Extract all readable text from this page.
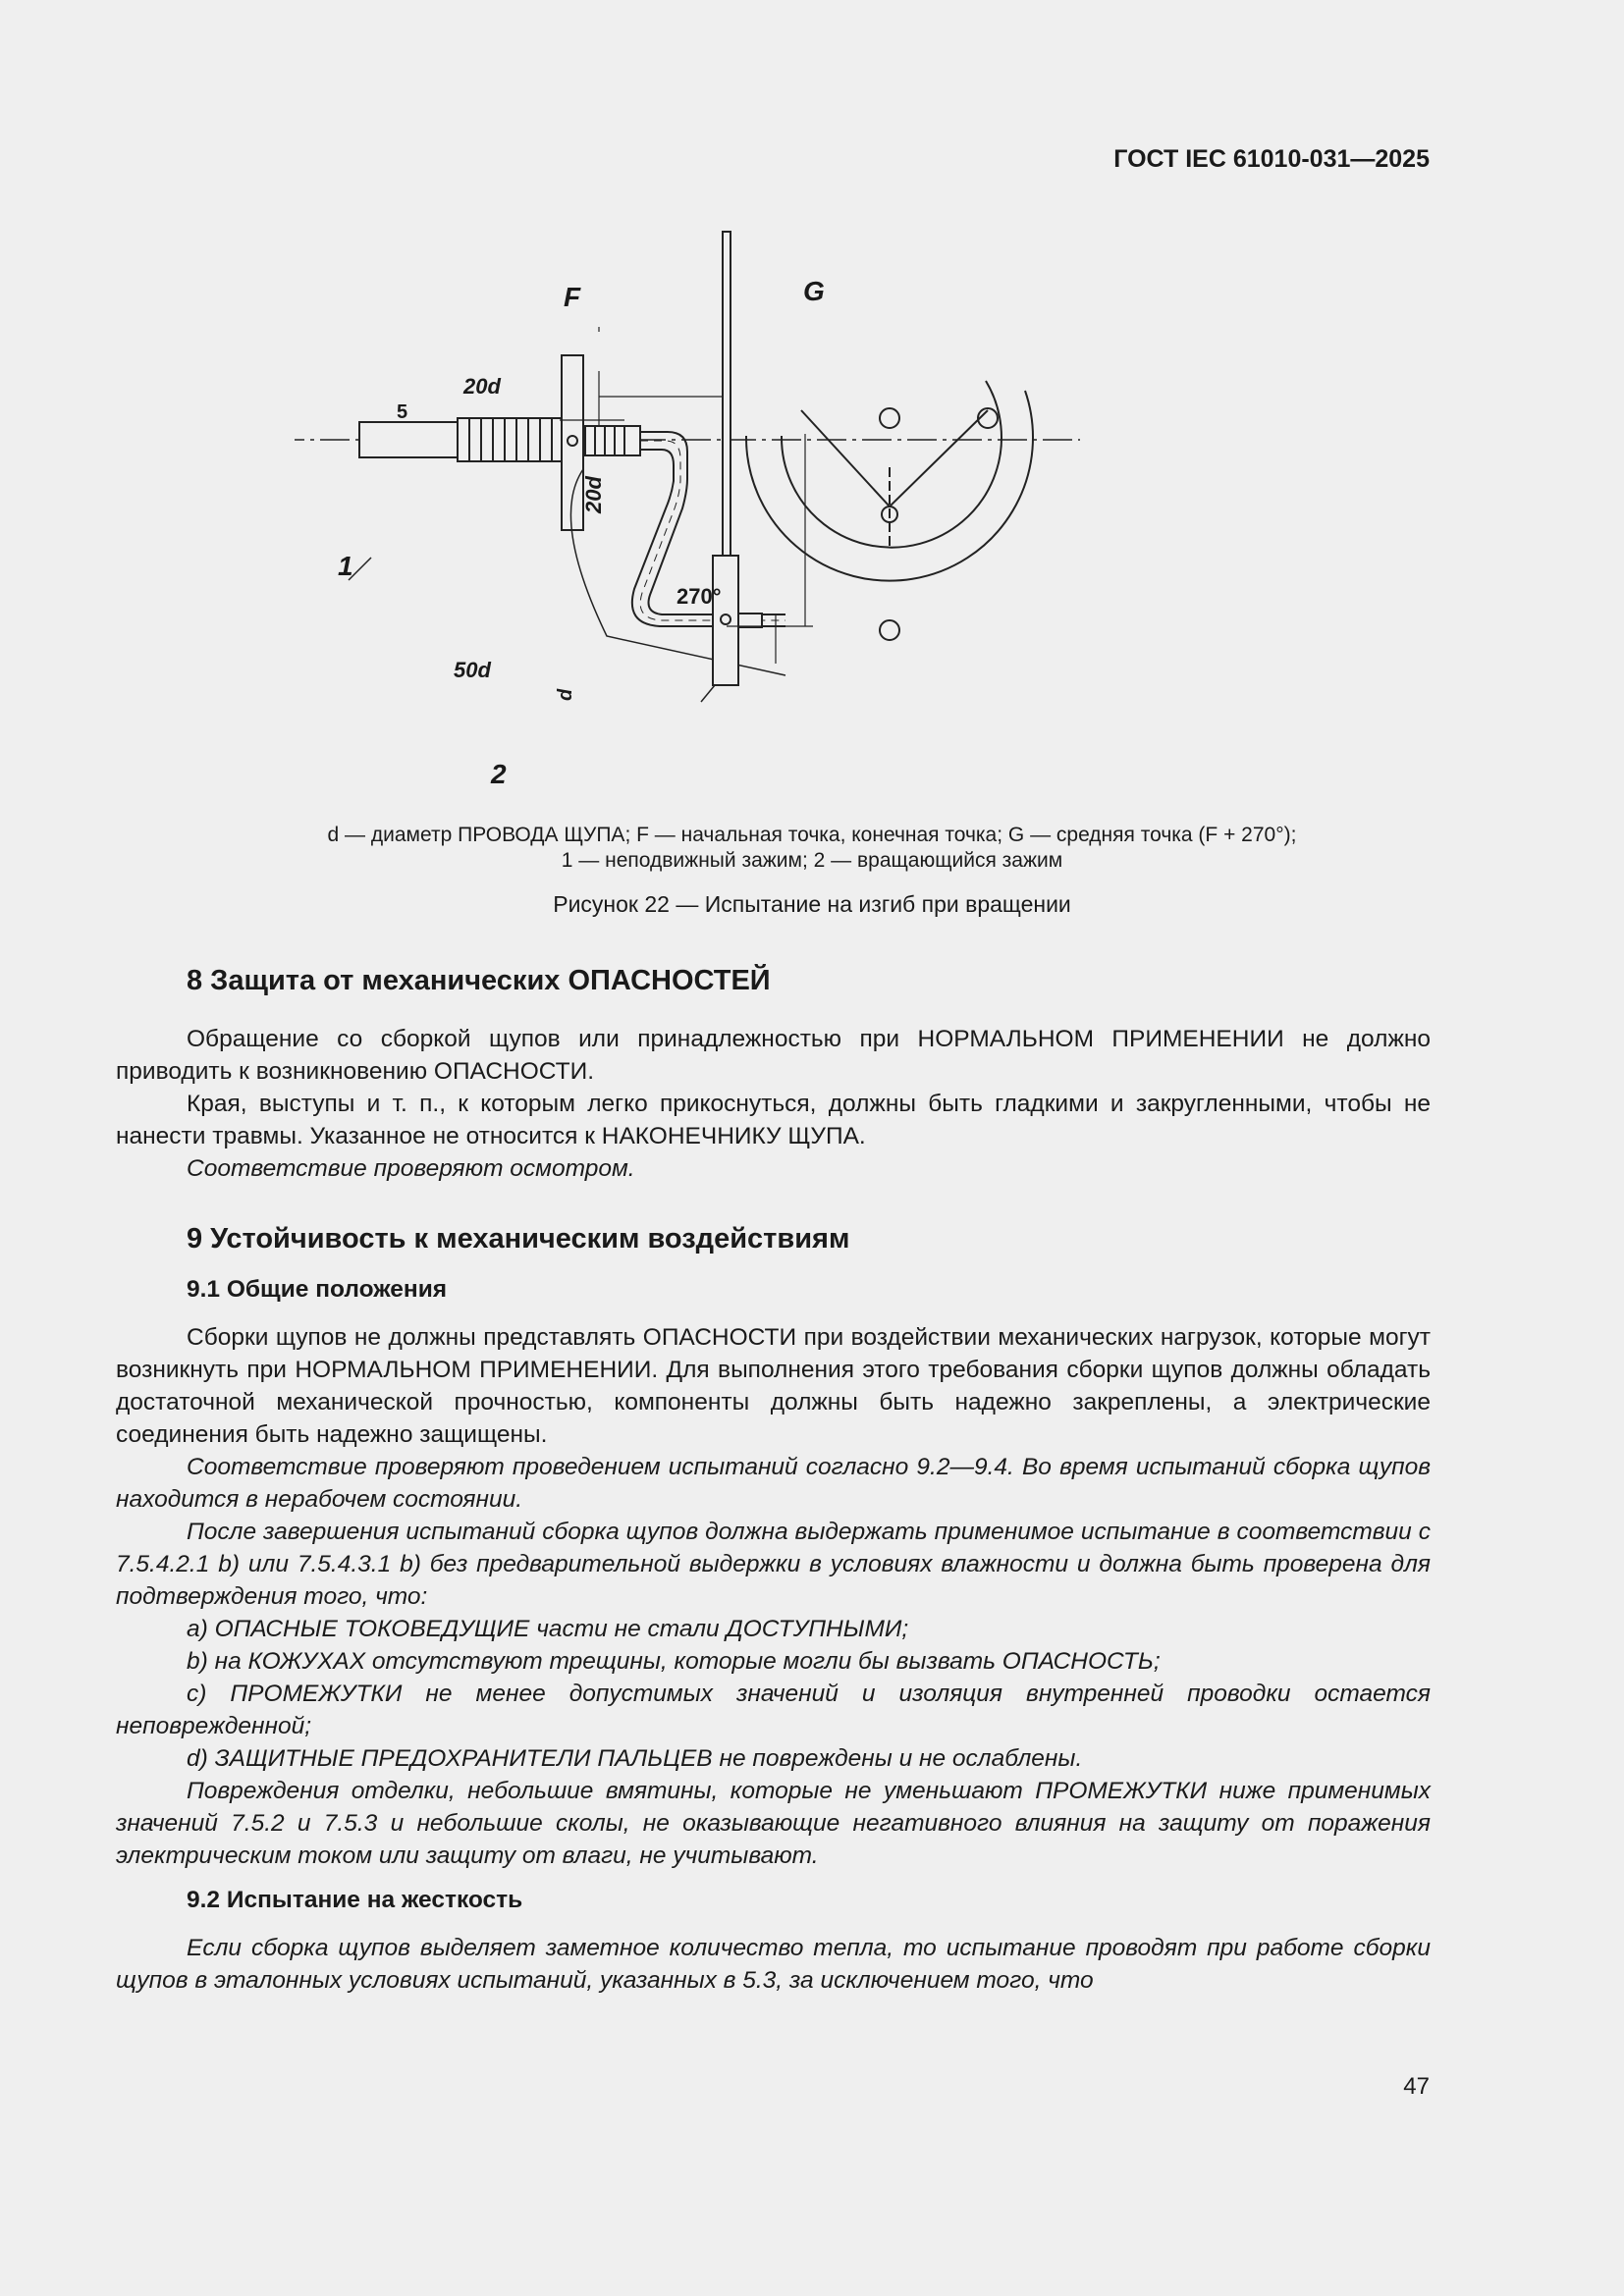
ГОСТ IEC 61010-031—2025
20d
5
20d
50d
d
270°
F	G
1
2
d — диаметр ПРОВОДА ЩУПА; F — начальная точка, конечная точка; G — средняя точка (F + 270°);
1 — неподвижный зажим; 2 — вращающийся зажим
Рисунок 22 — Испытание на изгиб при вращении
8 Защита от механических ОПАСНОСТЕЙ

Обращение со сборкой щупов или принадлежностью при НОРМАЛЬНОМ ПРИМЕНЕНИИ не должно приводить к возникновению ОПАСНОСТИ.

Края, выступы и т. п., к которым легко прикоснуться, должны быть гладкими и закругленными, чтобы не нанести травмы. Указанное не относится к НАКОНЕЧНИКУ ЩУПА.

Соответствие проверяют осмотром.

9 Устойчивость к механическим воздействиям
9.1 Общие положения

Сборки щупов не должны представлять ОПАСНОСТИ при воздействии механических нагрузок, которые могут возникнуть при НОРМАЛЬНОМ ПРИМЕНЕНИИ. Для выполнения этого требования сборки щупов должны обладать достаточной механической прочностью, компоненты должны быть надежно закреплены, а электрические соединения быть надежно защищены.

Соответствие проверяют проведением испытаний согласно 9.2—9.4. Во время испытаний сборка щупов находится в нерабочем состоянии.

После завершения испытаний сборка щупов должна выдержать применимое испытание в соответствии с 7.5.4.2.1 b) или 7.5.4.3.1 b) без предварительной выдержки в условиях влажности и должна быть проверена для подтверждения того, что:

a) ОПАСНЫЕ ТОКОВЕДУЩИЕ части не стали ДОСТУПНЫМИ;

b) на КОЖУХАХ отсутствуют трещины, которые могли бы вызвать ОПАСНОСТЬ;

c) ПРОМЕЖУТКИ не менее допустимых значений и изоляция внутренней проводки остается неповрежденной;

d) ЗАЩИТНЫЕ ПРЕДОХРАНИТЕЛИ ПАЛЬЦЕВ не повреждены и не ослаблены.

Повреждения отделки, небольшие вмятины, которые не уменьшают ПРОМЕЖУТКИ ниже применимых значений 7.5.2 и 7.5.3 и небольшие сколы, не оказывающие негативного влияния на защиту от поражения электрическим током или защиту от влаги, не учитывают.

9.2 Испытание на жесткость

Если сборка щупов выделяет заметное количество тепла, то испытание проводят при работе сборки щупов в эталонных условиях испытаний, указанных в 5.3, за исключением того, что

47
